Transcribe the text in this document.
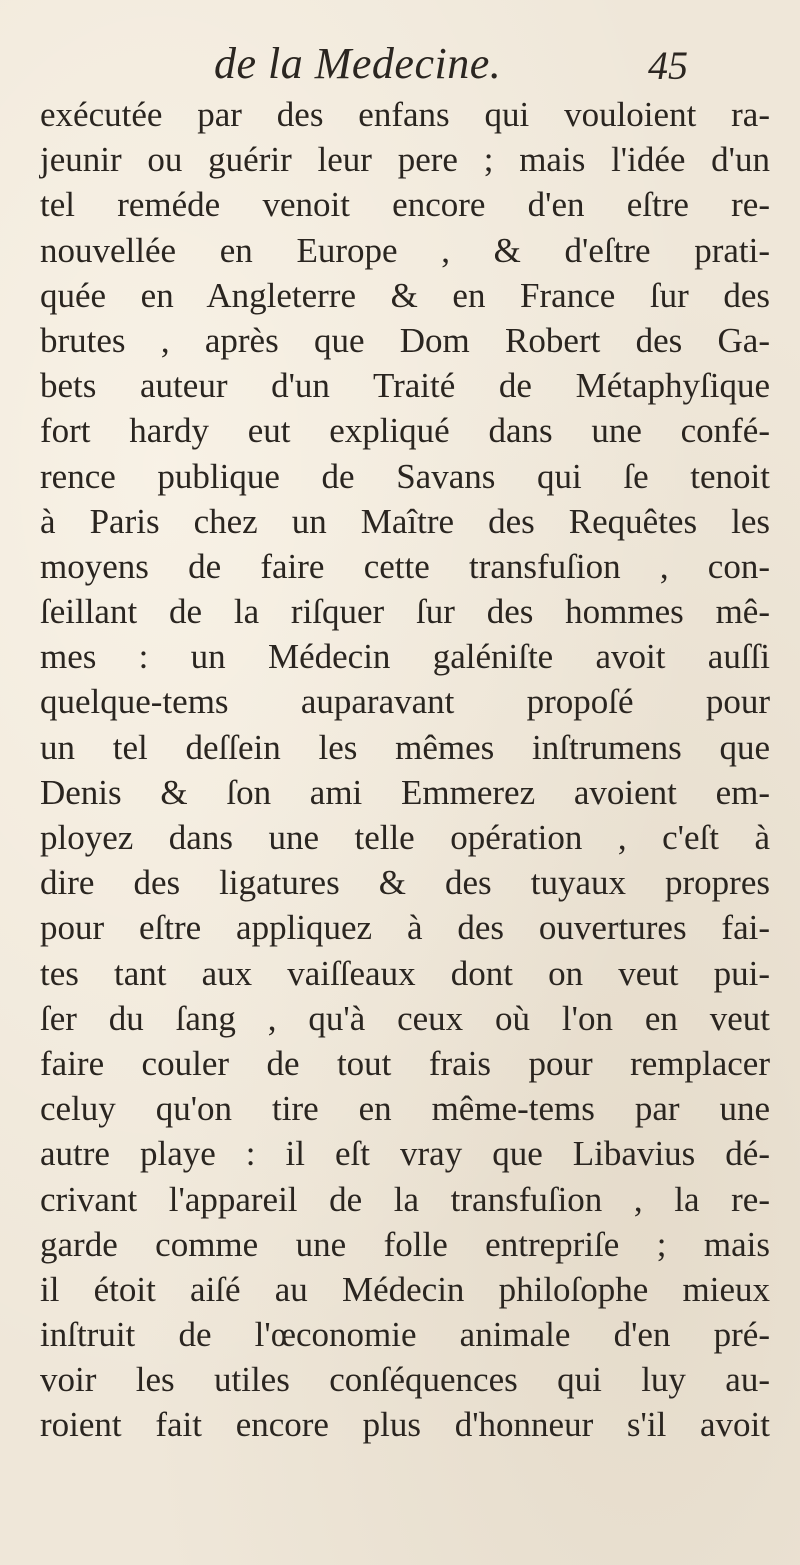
de la Medecine.	45
exécutée par des enfans qui vouloient ra-
jeunir ou guérir leur pere ; mais l'idée d'un
tel reméde venoit encore d'en eſtre re-
nouvellée en Europe , & d'eſtre prati-
quée en Angleterre & en France ſur des
brutes , après que Dom Robert des Ga-
bets auteur d'un Traité de Métaphyſique
fort hardy eut expliqué dans une confé-
rence publique de Savans qui ſe tenoit
à Paris chez un Maître des Requêtes les
moyens de faire cette transfuſion , con-
ſeillant de la riſquer ſur des hommes mê-
mes : un Médecin galéniſte avoit auſſi
quelque-tems auparavant propoſé pour
un tel deſſein les mêmes inſtrumens que
Denis & ſon ami Emmerez avoient em-
ployez dans une telle opération , c'eſt à
dire des ligatures & des tuyaux propres
pour eſtre appliquez à des ouvertures fai-
tes tant aux vaiſſeaux dont on veut pui-
ſer du ſang , qu'à ceux où l'on en veut
faire couler de tout frais pour remplacer
celuy qu'on tire en même-tems par une
autre playe : il eſt vray que Libavius dé-
crivant l'appareil de la transfuſion , la re-
garde comme une folle entrepriſe ; mais
il étoit aiſé au Médecin philoſophe mieux
inſtruit de l'œconomie animale d'en pré-
voir les utiles conſéquences qui luy au-
roient fait encore plus d'honneur s'il avoit
